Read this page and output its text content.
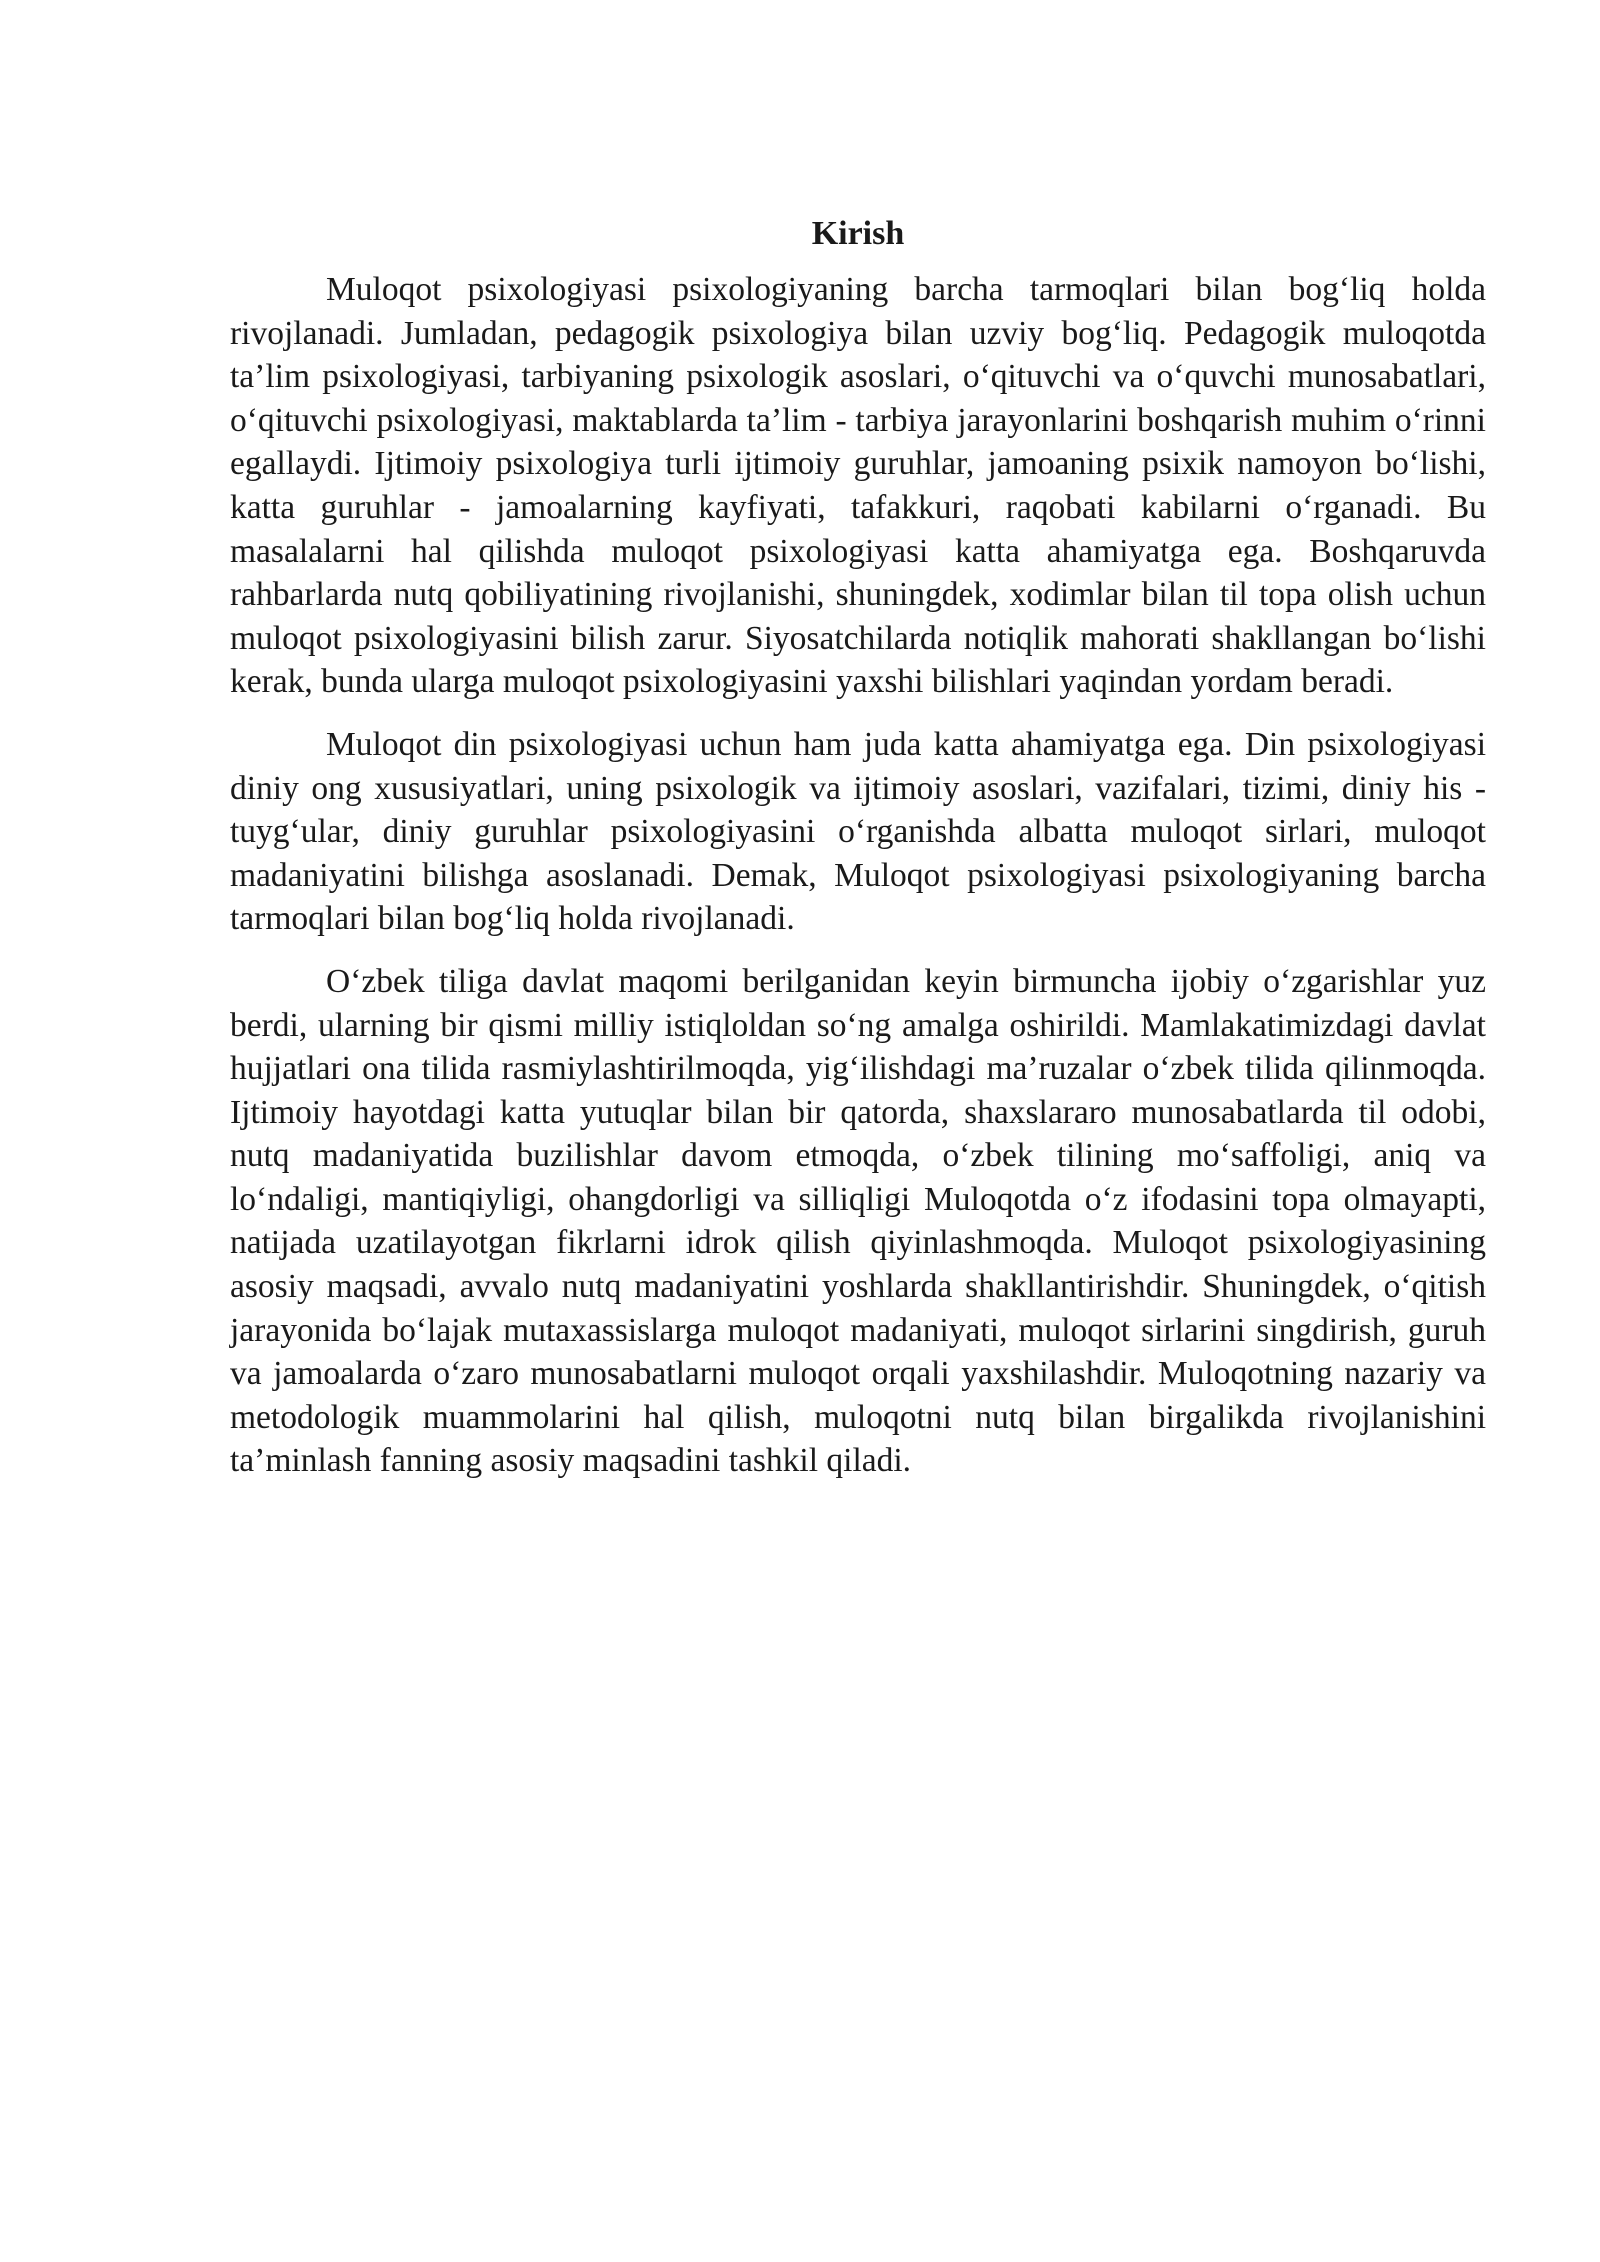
Kirish

Muloqot psixologiyasi psixologiyaning barcha tarmoqlari bilan bog‘liq holda rivojlanadi. Jumladan, pedagogik psixologiya bilan uzviy bog‘liq. Pedagogik muloqotda ta’lim psixologiyasi, tarbiyaning psixologik asoslari, o‘qituvchi va o‘quvchi munosabatlari, o‘qituvchi psixologiyasi, maktablarda ta’lim - tarbiya jarayonlarini boshqarish muhim o‘rinni egallaydi. Ijtimoiy psixologiya turli ijtimoiy guruhlar, jamoaning psixik namoyon bo‘lishi, katta guruhlar - jamoalarning kayfiyati, tafakkuri, raqobati kabilarni o‘rganadi. Bu masalalarni hal qilishda muloqot psixologiyasi katta ahamiyatga ega. Boshqaruvda rahbarlarda nutq qobiliyatining rivojlanishi, shuningdek, xodimlar bilan til topa olish uchun muloqot psixologiyasini bilish zarur. Siyosatchilarda notiqlik mahorati shakllangan bo‘lishi kerak, bunda ularga muloqot psixologiyasini yaxshi bilishlari yaqindan yordam beradi.

Muloqot din psixologiyasi uchun ham juda katta ahamiyatga ega. Din psixologiyasi diniy ong xususiyatlari, uning psixologik va ijtimoiy asoslari, vazifalari, tizimi, diniy his - tuyg‘ular, diniy guruhlar psixologiyasini o‘rganishda albatta muloqot sirlari, muloqot madaniyatini bilishga asoslanadi. Demak, Muloqot psixologiyasi psixologiyaning barcha tarmoqlari bilan bog‘liq holda rivojlanadi.

O‘zbek tiliga davlat maqomi berilganidan keyin birmuncha ijobiy o‘zgarishlar yuz berdi, ularning bir qismi milliy istiqloldan so‘ng amalga oshirildi. Mamlakatimizdagi davlat hujjatlari ona tilida rasmiylashtirilmoqda, yig‘ilishdagi ma’ruzalar o‘zbek tilida qilinmoqda. Ijtimoiy hayotdagi katta yutuqlar bilan bir qatorda, shaxslararo munosabatlarda til odobi, nutq madaniyatida buzilishlar davom etmoqda, o‘zbek tilining mo‘saffoligi, aniq va lo‘ndaligi, mantiqiyligi, ohangdorligi va silliqligi Muloqotda o‘z ifodasini topa olmayapti, natijada uzatilayotgan fikrlarni idrok qilish qiyinlashmoqda. Muloqot psixologiyasining asosiy maqsadi, avvalo nutq madaniyatini yoshlarda shakllantirishdir. Shuningdek, o‘qitish jarayonida bo‘lajak mutaxassislarga muloqot madaniyati, muloqot sirlarini singdirish, guruh va jamoalarda o‘zaro munosabatlarni muloqot orqali yaxshilashdir. Muloqotning nazariy va metodologik muammolarini hal qilish, muloqotni nutq bilan birgalikda rivojlanishini ta’minlash fanning asosiy maqsadini tashkil qiladi.
